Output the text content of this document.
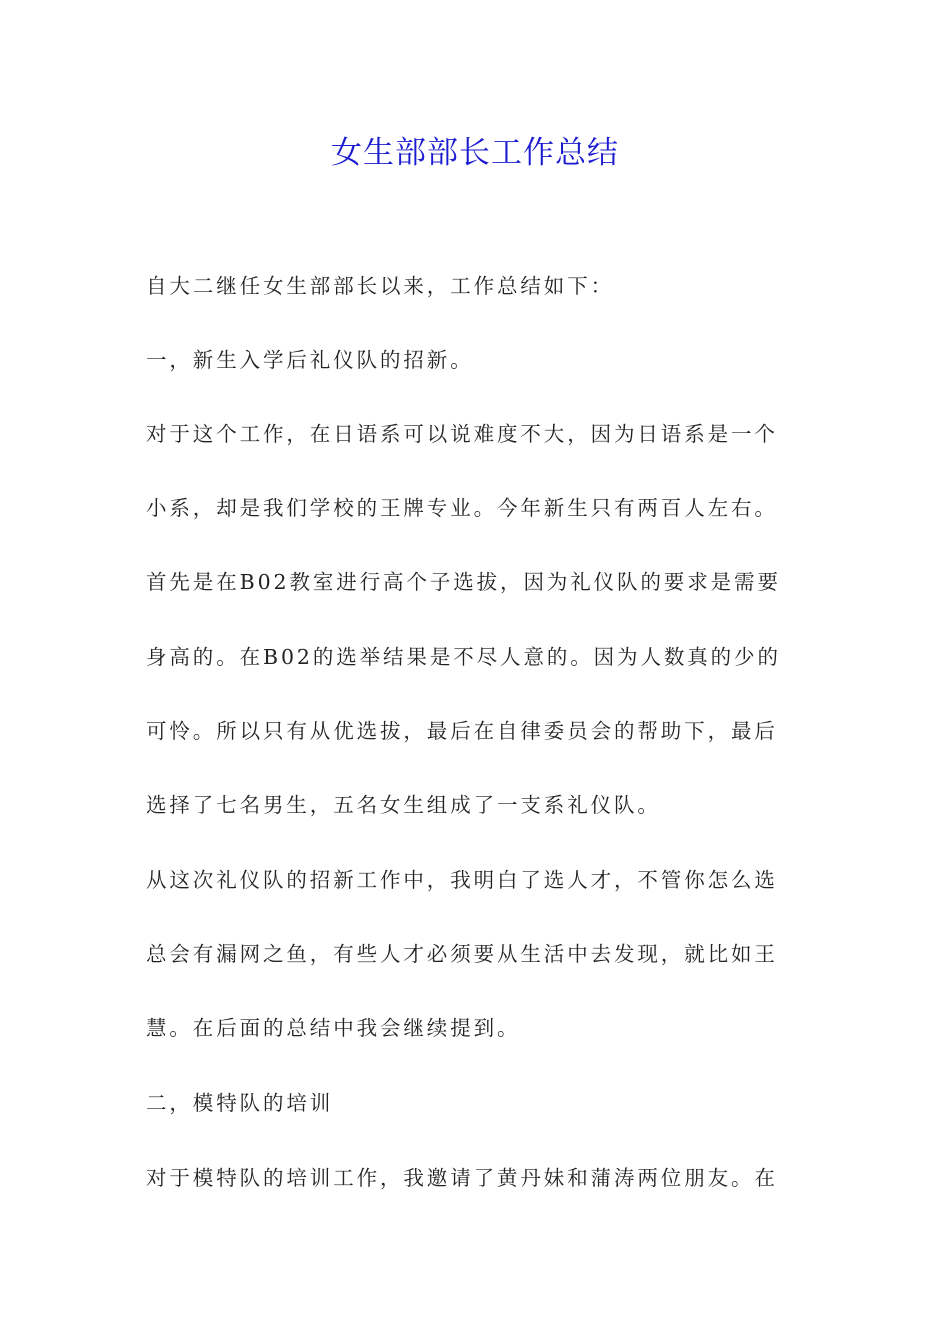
女生部部长工作总结
自大二继任女生部部长以来，工作总结如下：
一，新生入学后礼仪队的招新。
对于这个工作，在日语系可以说难度不大，因为日语系是一个
小系，却是我们学校的王牌专业。今年新生只有两百人左右。
首先是在B02教室进行高个子选拔，因为礼仪队的要求是需要
身高的。在B02的选举结果是不尽人意的。因为人数真的少的
可怜。所以只有从优选拔，最后在自律委员会的帮助下，最后
选择了七名男生，五名女生组成了一支系礼仪队。
从这次礼仪队的招新工作中，我明白了选人才，不管你怎么选
总会有漏网之鱼，有些人才必须要从生活中去发现，就比如王
慧。在后面的总结中我会继续提到。
二，模特队的培训
对于模特队的培训工作，我邀请了黄丹妹和蒲涛两位朋友。在
